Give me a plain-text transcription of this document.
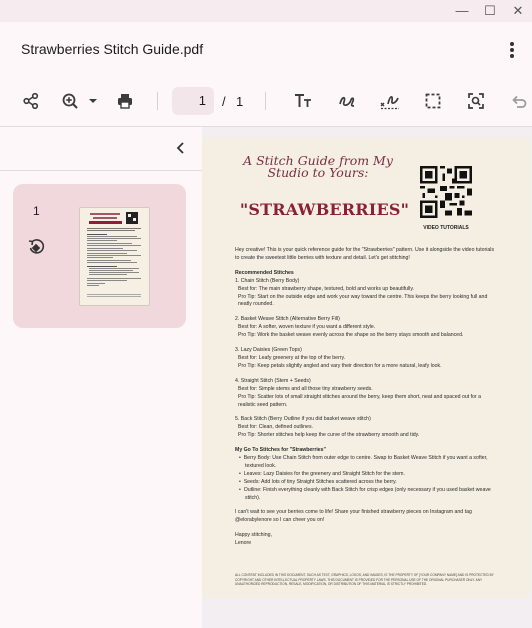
—	☐	✕
Strawberries Stitch Guide.pdf
1	/ 1
1
A Stitch Guide from My Studio to Yours:
"STRAWBERRIES"
VIDEO TUTORIALS

Hey creative! This is your quick reference guide for the "Strawberries" pattern. Use it alongside the video tutorials to create the sweetest little berries with texture and detail. Let's get stitching!

Recommended Stitches

1. Chain Stitch (Berry Body)

Best for: The main strawberry shape, textured, bold and works up beautifully.

Pro Tip: Start on the outside edge and work your way toward the centre. This keeps the berry looking full and neatly rounded.

2. Basket Weave Stitch (Alternative Berry Fill)

Best for: A softer, woven texture if you want a different style.

Pro Tip: Work the basket weave evenly across the shape so the berry stays smooth and balanced.

3. Lazy Daisies (Green Tops)

Best for: Leafy greenery at the top of the berry.

Pro Tip: Keep petals slightly angled and vary their direction for a more natural, leafy look.

4. Straight Stitch (Stem + Seeds)

Best for: Simple stems and all those tiny strawberry seeds.

Pro Tip: Scatter lots of small straight stitches around the berry, keep them short, neat and spaced out for a realistic seed pattern.

5. Back Stitch (Berry Outline if you did basket weave stitch)

Best for: Clean, defined outlines.

Pro Tip: Shorter stitches help keep the curve of the strawberry smooth and tidy.

My Go To Stitches for "Strawberries"

•  Berry Body: Use Chain Stitch from outer edge to centre. Swap to Basket Weave Stitch if you want a softer, textured look.

•  Leaves: Lazy Daisies for the greenery and Straight Stitch for the stem.

•  Seeds: Add lots of tiny Straight Stitches scattered across the berry.

•  Outline: Finish everything cleanly with Back Stitch for crisp edges (only necessary if you used basket weave stitch).

I can't wait to see your berries come to life! Share your finished strawberry pieces on Instagram and tag @elorabylenore so I can cheer you on!

Happy stitching,

Lenore

ALL CONTENT INCLUDED IN THIS DOCUMENT, SUCH AS TEXT, GRAPHICS, LOGOS, AND IMAGES, IS THE PROPERTY OF [YOUR COMPANY NAME] AND IS PROTECTED BY COPYRIGHT AND OTHER INTELLECTUAL PROPERTY LAWS. THIS DOCUMENT IS PROVIDED FOR THE PERSONAL USE OF THE ORIGINAL PURCHASER ONLY. ANY UNAUTHORIZED REPRODUCTION, RESALE, MODIFICATION, OR DISTRIBUTION OF THIS MATERIAL IS STRICTLY PROHIBITED.
